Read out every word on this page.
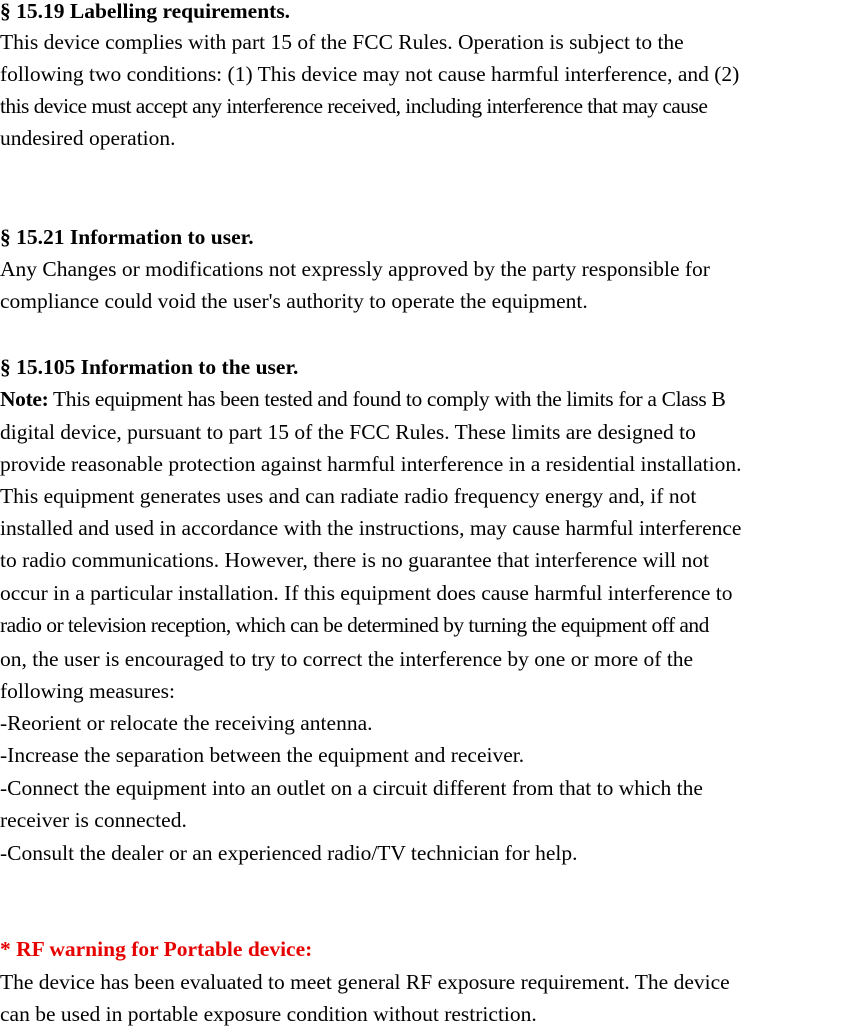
§ 15.19 Labelling requirements.
This device complies with part 15 of the FCC Rules. Operation is subject to the
following two conditions: (1) This device may not cause harmful interference, and (2)
this device must accept any interference received, including interference that may cause
undesired operation.
§ 15.21 Information to user.
Any Changes or modifications not expressly approved by the party responsible for
compliance could void the user's authority to operate the equipment.
§ 15.105 Information to the user.
Note: This equipment has been tested and found to comply with the limits for a Class B
digital device, pursuant to part 15 of the FCC Rules. These limits are designed to
provide reasonable protection against harmful interference in a residential installation.
This equipment generates uses and can radiate radio frequency energy and, if not
installed and used in accordance with the instructions, may cause harmful interference
to radio communications. However, there is no guarantee that interference will not
occur in a particular installation. If this equipment does cause harmful interference to
radio or television reception, which can be determined by turning the equipment off and
on, the user is encouraged to try to correct the interference by one or more of the
following measures:
-Reorient or relocate the receiving antenna.
-Increase the separation between the equipment and receiver.
-Connect the equipment into an outlet on a circuit different from that to which the
receiver is connected.
-Consult the dealer or an experienced radio/TV technician for help.
* RF warning for Portable device:
The device has been evaluated to meet general RF exposure requirement. The device
can be used in portable exposure condition without restriction.
